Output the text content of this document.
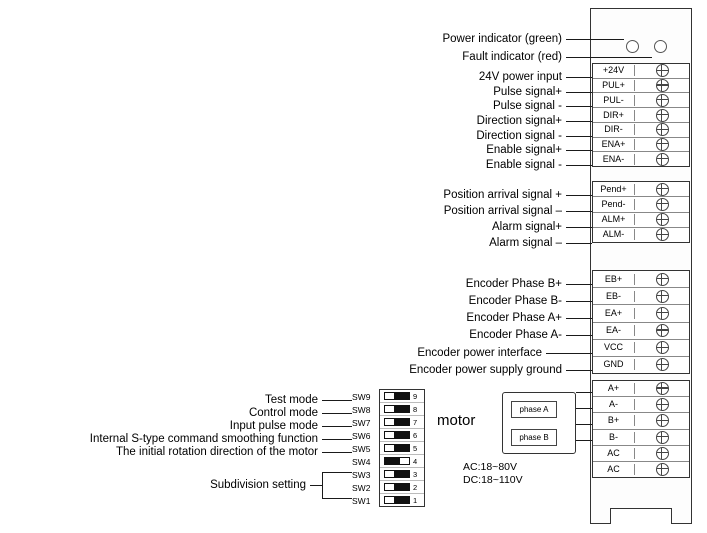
+24V
PUL+
PUL-
DIR+
DIR-
ENA+
ENA-
Pend+
Pend-
ALM+
ALM-
EB+
EB-
EA+
EA-
VCC
GND
A+
A-
B+
B-
AC
AC
Power indicator (green)
Fault indicator (red)
24V power input
Pulse signal+
Pulse signal -
Direction signal+
Direction signal -
Enable signal+
Enable signal -
Position arrival signal +
Position arrival signal –
Alarm signal+
Alarm signal –
Encoder Phase B+
Encoder Phase B-
Encoder Phase A+
Encoder Phase A-
Encoder power interface
Encoder power supply ground
motor
phase A
phase B
AC:18~80V
DC:18~110V
9
8
7
6
5
4
3
2
1
SW9
SW8
SW7
SW6
SW5
SW4
SW3
SW2
SW1
Test mode
Control mode
Input pulse mode
Internal S-type command smoothing function
The initial rotation direction of the motor
Subdivision setting
